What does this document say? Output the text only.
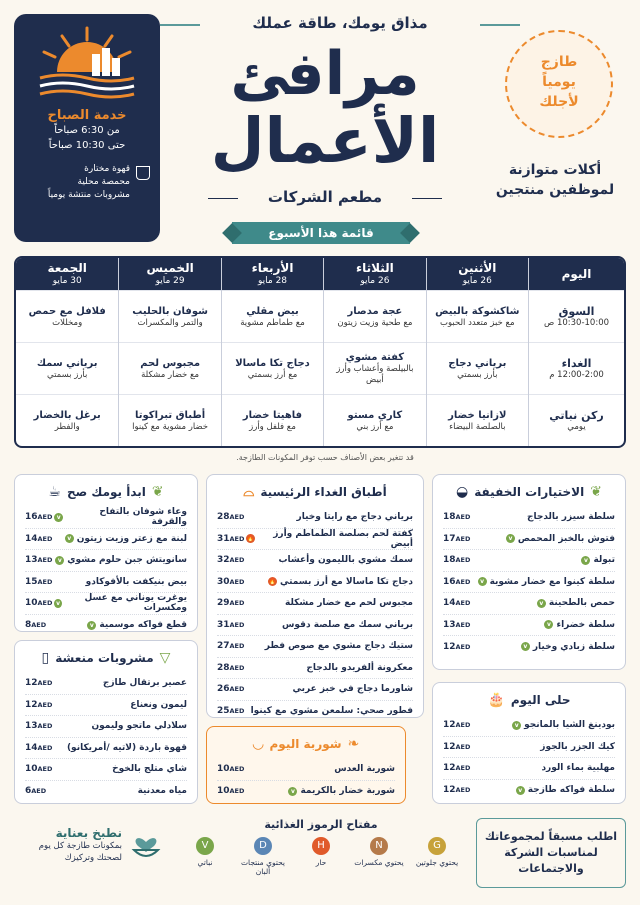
مذاق يومك، طاقة عملك
مرافئ
الأعمال
مطعم الشركات
قائمة هذا الأسبوع
طازج
يومياً
لأجلك
أكلات متوازنة
لموظفين منتجين
خدمة الصباح
من 6:30 صباحاً
حتى 10:30 صباحاً
قهوة مختارة
محمصة محلية
مشروبات منتشة يومياً
اليوم
السوق
10:30-10:00 ص
الغداء
12:00-2:00 م
ركن نباتي
يومي
الأثنين
26 مايو
شاكشوكة بالبيض
مع خبز متعدد الحبوب
برياني دجاج
بأرز بسمتي
لازانيا خضار
بالصلصة البيضاء
الثلاثاء
26 مايو
عجة مدصار
مع طحية وزيت زيتون
كفتة مشوي
بالبيلصة وأعشاب وأرز أبيض
كاري مستو
مع أرز بني
الأربعاء
28 مايو
بيض مقلي
مع طماطم مشوية
دجاج تكا ماسالا
مع أرز بسمتي
فاهيتا خضار
مع فلفل وأرز
الخميس
29 مايو
شوفان بالحليب
والتمر والمكسرات
مجبوس لحم
مع خضار مشكلة
أطباق تبراكوتا
خضار مشوية مع كينوا
الجمعة
30 مايو
فلافل مع حمص
ومخللات
برياني سمك
بأرز بسمتي
برغل بالخضار
والفطر
قد تتغير بعض الأصناف حسب توفر المكونات الطازجة.
❦
الاختيارات الخفيفة
◒
سلطة سيزر بالدجاج
18AED
فتوش بالخبز المحمص
v
17AED
تبولة
v
18AED
سلطة كينوا مع خضار مشوية
v
16AED
حمص بالطحينة
v
14AED
سلطة خضراء
v
13AED
سلطة زبادي وخيار
v
12AED
أطباق الغداء الرئيسية
⌓
برياني دجاج مع رايتا وخيار
28AED
كفتة لحم بصلصة الطماطم وأرز أبيض
🔥
31AED
سمك مشوي بالليمون وأعشاب
32AED
دجاج تكا ماسالا مع أرز بسمتي
🔥
30AED
مجبوس لحم مع خضار مشكلة
29AED
برياني سمك مع صلصة دقوس
31AED
ستيك دجاج مشوي مع صوص فطر
27AED
معكرونة ألفريدو بالدجاج
28AED
شاورما دجاج في خبز عربي
26AED
فطور صحي: سلمعن مشوي مع كينوا
25AED
❦
ابدأ يومك صح
☕
وعاء شوفان بالتفاح والقرفة
v
16AED
لبنة مع زعتر وزيت زيتون
v
14AED
سانويتش جبن حلوم مشوي
v
13AED
بيض بنيكفت بالأفوكادو
15AED
يوغرت يوناني مع عسل ومكسرات
v
10AED
قطع فواكه موسمية
v
8AED
▽
مشروبات منعشة
▯
عصير برتقال طازج
12AED
ليمون ونعناع
12AED
سلادلي ماتجو وليمون
13AED
قهوة باردة (لاتيه /أمريكانو)
14AED
شاي متلج بالخوخ
10AED
مياه معدنية
6AED
❧
شوربة اليوم
◡
شوربة العدس
10AED
شوربة خضار بالكريمة
v
10AED
حلى اليوم
🎂
بودينغ الشيا بالمانجو
v
12AED
كيك الجزر بالجوز
12AED
مهلبية بماء الورد
12AED
سلطة فواكه طازجة
v
12AED
اطلب مسبقاً لمجموعاتك
لمناسبات الشركة
والاجتماعات
مفتاح الرموز الغذائية
G
يحتوي جلوتين
N
يحتوي مكسرات
H
حار
D
يحتوي منتجات ألبان
V
نباتي
نطبخ بعناية
بمكونات طازجة كل يوم
لصحتك وتركيزك
